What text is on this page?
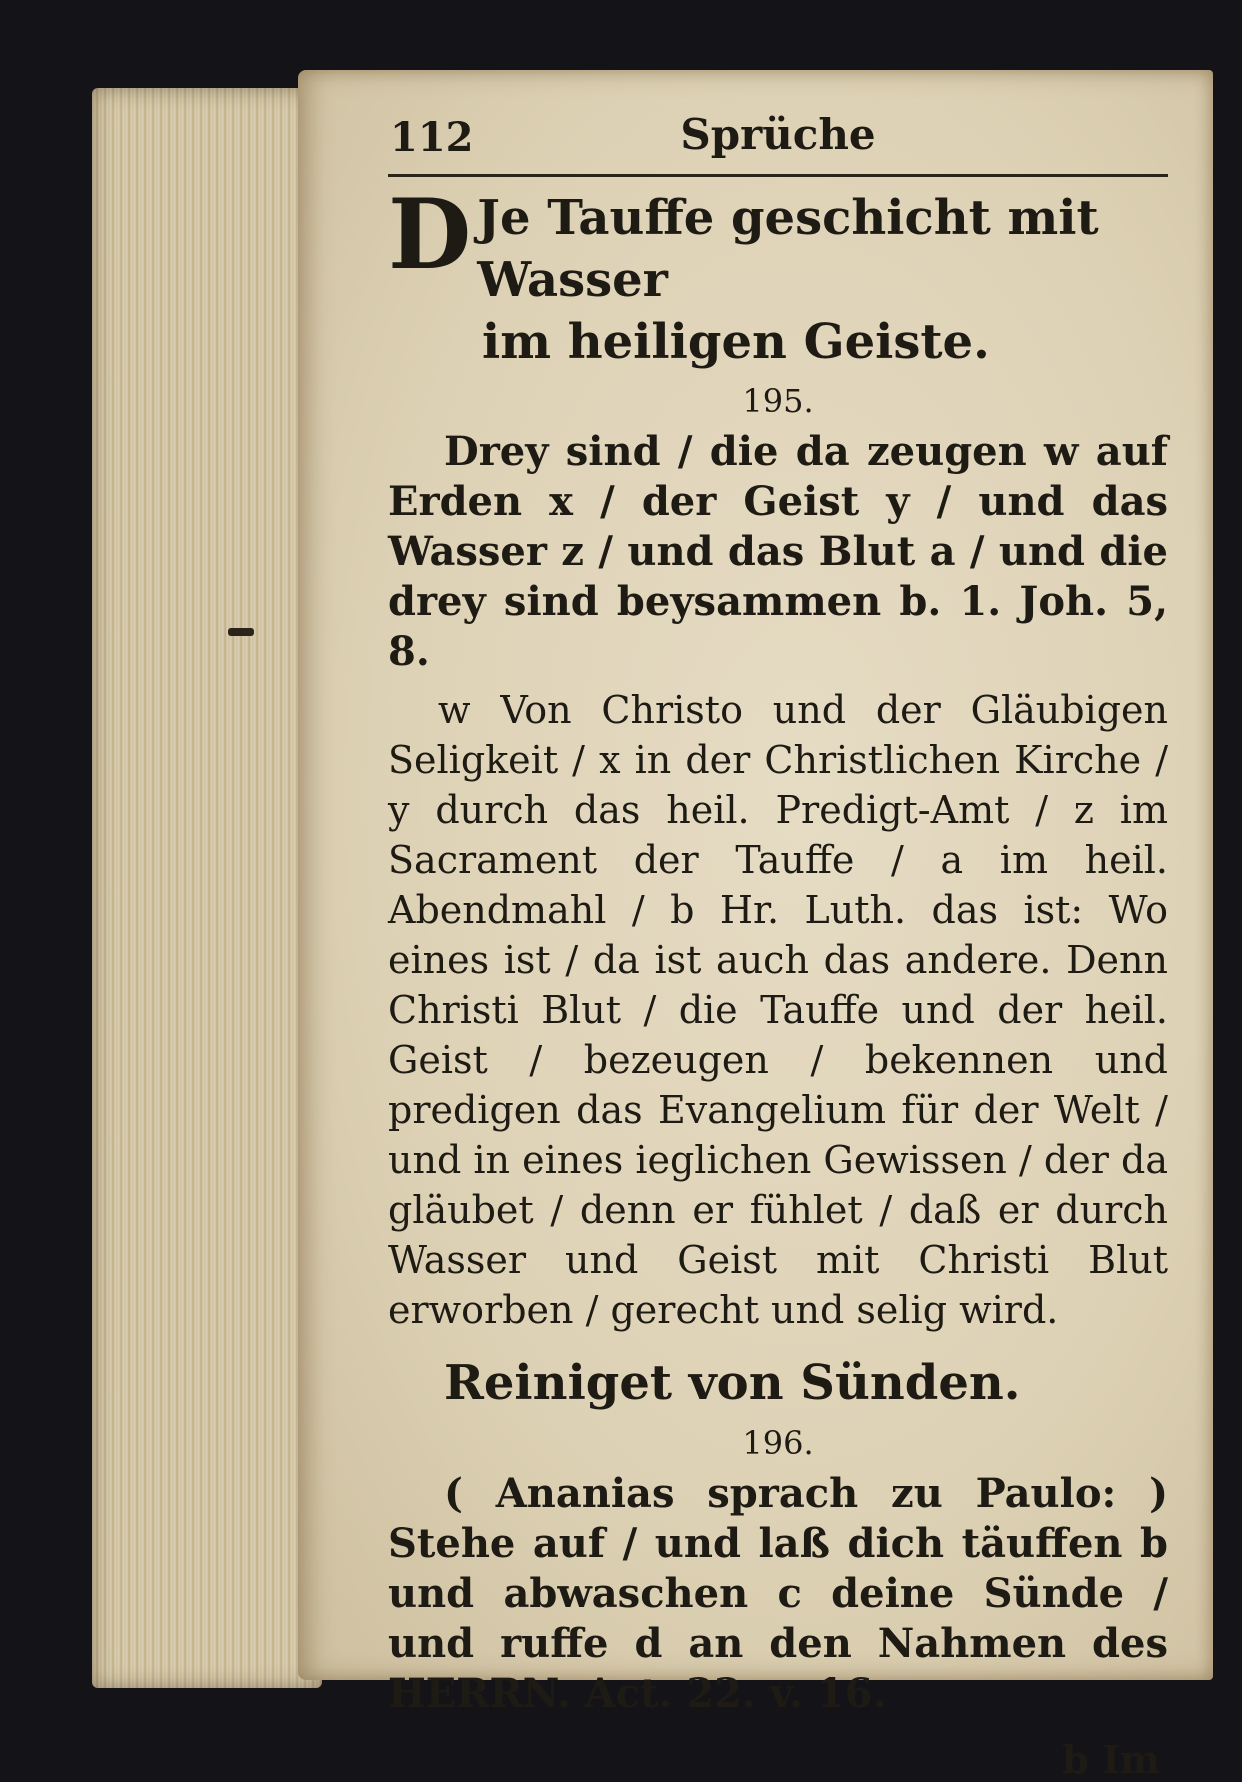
112	Sprüche
D Je Tauffe geschicht mit Wasser
im heiligen Geiste.
195.

Drey sind / die da zeugen w auf Erden x / der Geist y / und das Wasser z / und das Blut a / und die drey sind beysammen b. 1. Joh. 5, 8.

w Von Christo und der Gläubigen Seligkeit / x in der Christlichen Kirche / y durch das heil. Predigt-Amt / z im Sacrament der Tauffe / a im heil. Abendmahl / b Hr. Luth. das ist: Wo eines ist / da ist auch das andere. Denn Christi Blut / die Tauffe und der heil. Geist / bezeugen / bekennen und predigen das Evangelium für der Welt / und in eines ieglichen Gewissen / der da gläubet / denn er fühlet / daß er durch Wasser und Geist mit Christi Blut erworben / gerecht und selig wird.

Reiniget von Sünden.
196.

( Ananias sprach zu Paulo: ) Stehe auf / und laß dich täuffen b und abwaschen c deine Sünde / und ruffe d an den Nahmen des HERRN. Act. 22. v. 16.

b Im
